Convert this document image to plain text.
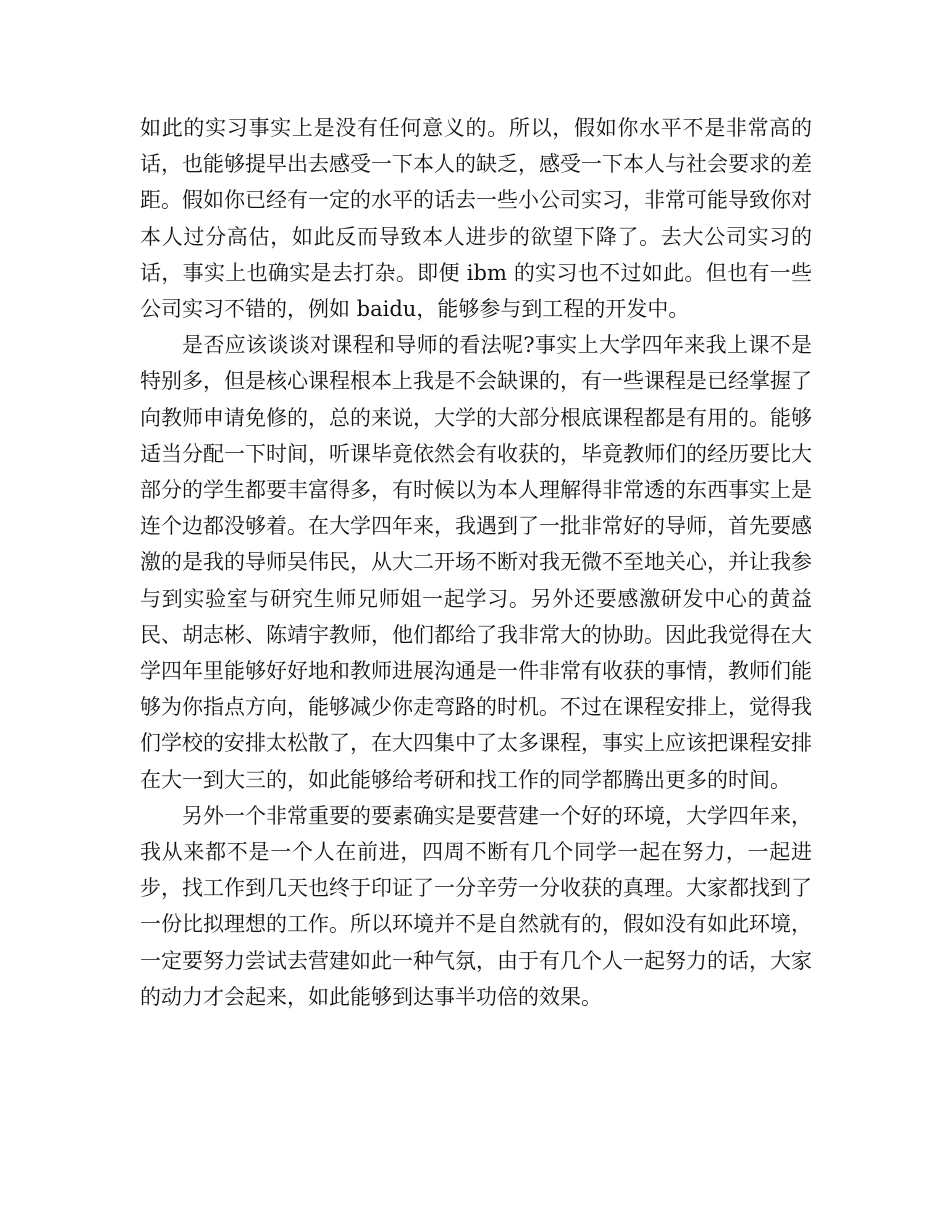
如此的实习事实上是没有任何意义的。所以，假如你水平不是非常高的话，也能够提早出去感受一下本人的缺乏，感受一下本人与社会要求的差距。假如你已经有一定的水平的话去一些小公司实习，非常可能导致你对本人过分高估，如此反而导致本人进步的欲望下降了。去大公司实习的话，事实上也确实是去打杂。即便 ibm 的实习也不过如此。但也有一些公司实习不错的，例如 baidu，能够参与到工程的开发中。

是否应该谈谈对课程和导师的看法呢?事实上大学四年来我上课不是特别多，但是核心课程根本上我是不会缺课的，有一些课程是已经掌握了向教师申请免修的，总的来说，大学的大部分根底课程都是有用的。能够适当分配一下时间，听课毕竟依然会有收获的，毕竟教师们的经历要比大部分的学生都要丰富得多，有时候以为本人理解得非常透的东西事实上是连个边都没够着。在大学四年来，我遇到了一批非常好的导师，首先要感激的是我的导师吴伟民，从大二开场不断对我无微不至地关心，并让我参与到实验室与研究生师兄师姐一起学习。另外还要感激研发中心的黄益民、胡志彬、陈靖宇教师，他们都给了我非常大的协助。因此我觉得在大学四年里能够好好地和教师进展沟通是一件非常有收获的事情，教师们能够为你指点方向，能够减少你走弯路的时机。不过在课程安排上，觉得我们学校的安排太松散了，在大四集中了太多课程，事实上应该把课程安排在大一到大三的，如此能够给考研和找工作的同学都腾出更多的时间。

另外一个非常重要的要素确实是要营建一个好的环境，大学四年来，我从来都不是一个人在前进，四周不断有几个同学一起在努力，一起进步，找工作到几天也终于印证了一分辛劳一分收获的真理。大家都找到了一份比拟理想的工作。所以环境并不是自然就有的，假如没有如此环境，一定要努力尝试去营建如此一种气氛，由于有几个人一起努力的话，大家的动力才会起来，如此能够到达事半功倍的效果。
